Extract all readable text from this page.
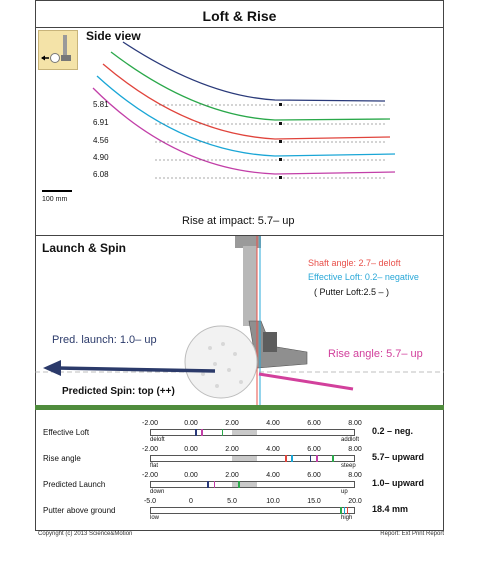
Loft & Rise
Side view
5.81
6.91
4.56
4.90
6.08
100 mm
Rise at impact: 5.7– up
Launch & Spin
Shaft angle: 2.7– deloft
Effective Loft: 0.2– negative
( Putter Loft:2.5 – )
Pred. launch: 1.0– up
Rise angle: 5.7– up
Predicted Spin: top (++)
Effective Loft
-2.00	0.00	2.00	4.00	6.00	8.00
deloft	addloft
0.2 – neg.
Rise angle
-2.00	0.00	2.00	4.00	6.00	8.00
flat	steep
5.7– upward
Predicted Launch
-2.00	0.00	2.00	4.00	6.00	8.00
down	up
1.0– upward
Putter above ground
-5.0	0	5.0	10.0	15.0	20.0
low	high
18.4 mm
Copyright (c) 2013 Science&Motion	Report: Ext Print Report
